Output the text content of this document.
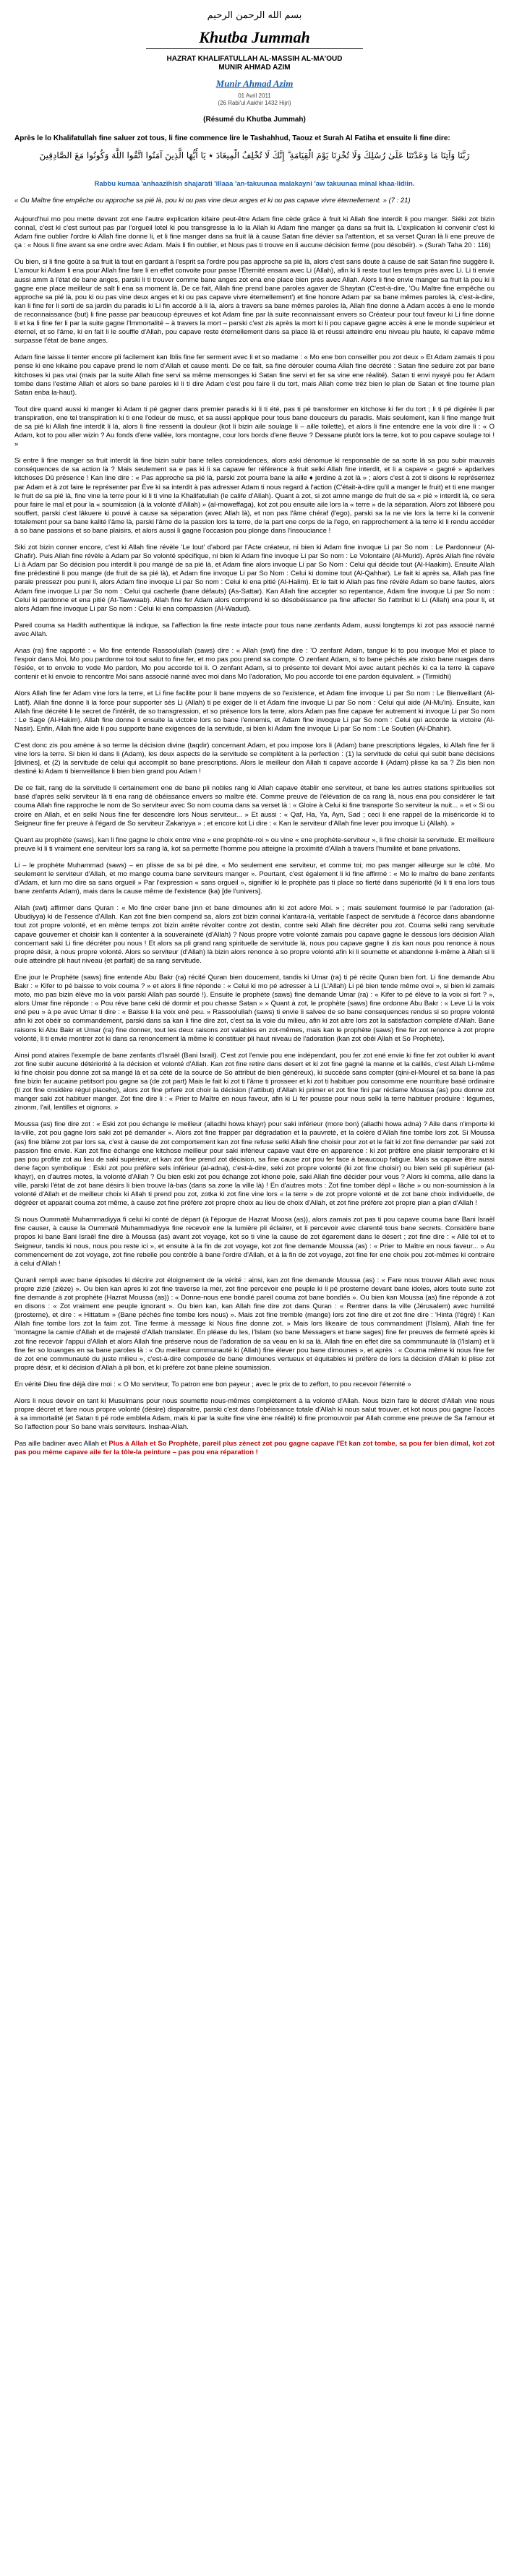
بسم الله الرحمن الرحيم
Khutba Jummah
HAZRAT KHALIFATULLAH AL-MASSIH AL-MA'OUD
MUNIR AHMAD AZIM
Munir Ahmad Azim
01 Avril 2011
(26 Rabi'ul Aakhir 1432 Hijri)
(Résumé du Khutba Jummah)
Après le lo Khalifatullah fine saluer zot tous, li fine commence lire le Tashahhud, Taouz et Surah Al Fatiha et ensuite li fine dire:
رَبَّنَا وَآتِنَا مَا وَعَدْتَنَا عَلَىٰ رُسُلِكَ وَلَا تُخْزِنَا يَوْمَ الْقِيَامَةِ ۗ إِنَّكَ لَا تُخْلِفُ الْمِيعَادَ ٭ يَا أَيُّهَا الَّذِينَ آمَنُوا اتَّقُوا اللَّهَ وَكُونُوا مَعَ الصَّادِقِينَ
Rabbu kumaa 'anhaazihish shajarati 'illaaa 'an-takuunaa malakayni 'aw takuunaa minal khaa-lidiin.
« Ou Maître fine empêche ou approche sa pié là, pou ki ou pas vine deux anges et ki ou pas capave vivre éternellement. » (7 : 21)

Aujourd'hui mo pou mette devant zot ene l'autre explication kifaire peut-être Adam fine cède grâce à fruit ki Allah fine interdit li pou manger. Siéki zot bizin connaî, c'est ki c'est surtout pas par l'orgueil lotel ki pou transgresse la lo la Allah ki Adam fine manger ça dans sa fruit là. L'explication ki convenir c'est ki Adam fine oublier l'ordre ki Allah fine donne li, et li fine manger dans sa fruit là à cause Satan fine dévier sa l'attention, et sa verset Quran là li ene preuve de ça : « Nous li fine avant sa ene ordre avec Adam. Mais li fin oublier, et Nous pas ti trouve en li aucune décision ferme (pou désobéir). » (Surah Taha 20 : 116)

Ou bien, si li fine goûte à sa fruit là tout en gardant à l'esprit sa l'ordre pou pas approche sa pié là, alors c'est sans doute à cause de sait Satan fine suggère li. L'amour ki Adam li ena pour Allah fine fare li en effet convoite pour passe l'Éternité ensam avec Li (Allah), afin ki li reste tout les temps près avec Li. Li ti envie aussi amm à l'état de bane anges, parski li ti trouver comme bane anges zot ena ene place bien près avec Allah. Alors li fine envie manger sa fruit là pou ki li gagne ene place meilleur de salt li ena sa moment là. De ce fait, Allah fine prend bane paroles agaver de Shaytan (C'est-à-dire, 'Ou Maître fine empêche ou approche sa pié là, pou ki ou pas vine deux anges et ki ou pas capave vivre éternellement') et fine honore Adam par sa bane mêmes paroles là, c'est-à-dire, kan li fine fer li sorti de sa jardin du paradis ki Li fin accordé à li là, alors à travers sa bane mêmes paroles là, Allah fine donne à Adam accès à ene le monde de reconnaissance (but) li fine passe par beaucoup épreuves et kot Adam fine par là suite reconnaissant envers so Créateur pour tout faveur ki Li fine donne li et ka li fine fer li par la suite gagne l'Immortalité – à travers la mort – parski c'est zis après la mort ki li pou capave gagne accès à ene le monde supérieur et éternel, et so l'âme, ki en fait li le souffle d'Allah, pou capave reste éternellement dans sa place là et réussi atteindre enu niveau plu haute, ki capave même surpasse l'état de bane anges.

Adam fine laisse li tenter encore pli facilement kan Iblis fine fer serment avec li et so madame : « Mo ene bon conseiller pou zot deux » Et Adam zamais ti pou pense ki ene kikaine pou capave prend le nom d'Allah et cause menti. De ce fait, sa fine dérouler couma Allah fine décrété : Satan fine seduire zot par bane kitchoses ki pas vrai (mais par la suite Allah fine servi sa même mensonges ki Satan fine servi et fer sa vine ene réalité). Satan ti envi nyayé pou fer Adam tombe dans l'estime Allah et alors so bane paroles ki li ti dire Adam c'est pou faire li du tort, mais Allah come tréz bien le plan de Satan et fine tourne plan Satan enba la-haut).

Tout dire quand aussi ki manger ki Adam ti pé gagner dans premier paradis ki li ti été, pas ti pé transformer en kitchose ki fer du tort ; li ti pé digérée li par transpiration, ene tel transpiration ki ti ene l'odeur de musc, et sa aussi applique pour tous bane douceurs du paradis. Mais seulement, kan li fine mange fruit de sa pié ki Allah fine interdit li là, alors li fine ressenti la douleur (kot li bizin aile soulage li – aille toilette), et alors li fine entendre ene la voix dire li : « O Adam, kot to pou aller wizin ? Au fonds d'ene vallée, lors montagne, cour lors bords d'ene fleuve ? Dessane plutôt lors la terre, kot to pou capave soulage toi ! »

Si entre li fine manger sa fruit interdit là fine bizin subir bane telles consiodences, alors aski dénomue ki responsable de sa sorte là sa pou subir mauvais conséquences de sa action là ? Mais seulement sa e pas ki li sa capave fer référence à fruit selki Allah fine interdit, et li a capave « gagné » apdarives kitchoses Dû présence ! Kan line dire : « Pas approche sa pié là, parski zot pourra bane la aille ♦ jerdine à zot là » ; alors c'est à zot ti disons le représentez par Adam et à zot faire le représenter par Ève ki sa interdit à pas adresser Adam ti nous regard à l'action (C'était-à-dire qu'il a manger le fruit) et ti ene manger le fruit de sa pié là, fine vine la terre pour ki li ti vine la Khalifatullah (le calife d'Allah). Quant à zot, si zot amne mange de fruit de sa « pié » interdit là, ce sera pour faire le mal et pour la « soumission (à la volonté d'Allah) » (al-moweffaga), kot zot pou ensuite aile lors la « terre » de la séparation. Alors zot lâbseré pou souffert, parski c'est lâkuere ki pouvé à cause sa séparation (avec Allah là), et non pas l'âme chéraf (l'ego), parski sa la ne vie lors la terre ki la convenir totalement pour sa bane kalité l'âme là, parski l'âme de la passion lors la terre, de la part ene corps de la l'ego, en rapprochement à la terre ki li rendu accéder à so bane passions et so bane plaisirs, et alors aussi li gagne l'occasion pou plonge dans l'insouciance !

Siki zot bizin conner encore, c'est ki Allah fine révèle 'Le lout' d'abord par l'Acte créateur, ni bien ki Adam fine invoque Li par So nom : Le Pardonneur (Al-Ghafir). Puis Allah fine révèle à Adam par So volonté spécifique, ni bien ki Adam fine invoque Li par So nom : Le Volontaire (Al-Murid). Après Allah fine révèle Li à Adam par So décision pou interdit li pou mangé de sa pié là, et Adam fine alors invoque Li par So Nom : Celui qui décide tout (Al-Haakim). Ensuite Allah fine prédestiné li pou mange (de fruit de sa pié là), et Adam fine invoque Li par So Nom : Celui ki domine tout (Al-Qahhar). Le fait ki après sa, Allah pas fine parale pressezr pou puni li, alors Adam fine invoque Li par So nom : Celui ki ena pitié (Al-Halim). Et le fait ki Allah pas fine révéle Adam so bane fautes, alors Adam fine invoque Li par So nom : Celui qui cacherle (bane défauts) (As-Sattar). Kan Allah fine accepter so repentance, Adam fine invoque Li par So nom : Celui ki pardonne et ena pitié (At-Tawwaab). Allah fine fer Adam alors comprend ki so désobéissance pa fine affecter So l'attribut ki Li (Allah) ena pour li, et alors Adam fine invoque Li par So nom : Celui ki ena compassion (Al-Wadud).

Pareil couma sa Hadith authentique là indique, sa l'affection la fine reste intacte pour tous nane zenfants Adam, aussi longtemps ki zot pas associé nanné avec Allah.

Anas (ra) fine rapporté : « Mo fine entende Rassoolullah (saws) dire : « Allah (swt) fine dire : 'O zenfant Adam, tangue ki to pou invoque Moi et place to l'espoir dans Moi, Mo pou pardonne toi tout salut to fine fer, et mo pas pou prend sa compte. O zenfant Adam, si to bane péchés ate zisko bane nuages dans l'ésiée, et to envoie to vode Mo pardon, Mo pou accorde toi li. O zenfant Adam, si to présente toi devant Moi avec autant péchés ki ca la terre là capave contenir et ki envoie to rencontre Moi sans associé nanné avec moi dans Mo l'adoration, Mo pou accorde toi ene pardon équivalent. » (Tirmidhi)

Alors Allah fine fer Adam vine lors la terre, et Li fine facilite pour li bane moyens de so l'existence, et Adam fine invoque Li par So nom : Le Bienveillant (Al-Latif). Allah fine donne li la force pour supporter sès Li (Allah) ti pe exiger de li et Adam fine invoque Li par So nom : Celui qui aide (Al-Mu'in). Ensuite, kan Allah fine décrété li le secret de l'intérêt, de so transgression, et so présence lors la terre, alors Adam pas fine capave fer autrement ki invoque Li par So nom : Le Sage (Al-Hakim). Allah fine donne li ensuite la victoire lors so bane l'ennemis, et Adam fine invoque Li par So nom : Celui qui accorde la victoire (Al-Nasir). Enfin, Allah fine aide li pou supporte bane exigences de la servitude, si bien ki Adam fine invoque Li par So nom : Le Soutien (Al-Dhahir).

C'est donc zis pou amène à so terme la décision divine (taqdir) concernant Adam, et pou impose lors li (Adam) bane prescriptions légales, ki Allah fine fer li vine lors la terre. Si bien ki dans li (Adam), les deux aspects de la servitude se complètent à la perfection : (1) la servitude de celui qui subit bane décisions [divines], et (2) la servitude de celui qui accomplit so bane prescriptions. Alors le meilleur don Allah ti capave accorde li (Adam) plisse ka sa ? Zis bien non destiné ki Adam ti bienveillance li bien bien grand pou Adam !

De ce fait, rang de la servitude li certainement ene de bane pli nobles rang ki Allah capave établir ene serviteur, et bane les autres stations spirituelles sot basé d'après selki serviteur là ti ena rang dé obéissance envers so maître été. Comme preuve de l'élévation de ca rang là, nous ena pou considérer le fait couma Allah fine rapproche le nom de So serviteur avec So nom couma dans sa verset là : « Gloire à Celui ki fine transporte So serviteur la nuit... » et « Si ou croire en Allah, et en selki Nous fine fer descendre lors Nous serviteur... » Et aussi : « Qaf, Ha, Ya, Ayn, Sad ; ceci li ene rappel de la miséricorde ki to Seigneur fine fer preuve à l'égard de So serviteur Zakariyya » ; et encore kot Li dire : « Kan le serviteur d'Allah fine lever pou invoque Li (Allah). »

Quant au prophète (saws), kan li fine gagne le choix entre vine « ene prophète-roi » ou vine « ene prophète-serviteur », li fine choisir la servitude. Et meilleure preuve ki li ti vraiment ene serviteur lors sa rang là, kot sa permette l'homme pou atteigne la proximité d'Allah à travers l'humilité et bane privations.

Li – le prophète Muhammad (saws) – en plisse de sa bi pé dire, « Mo seulement ene serviteur, et comme toi; mo pas manger ailleurge sur le côté. Mo seulement le serviteur d'Allah, et mo mange couma bane serviteurs manger ». Pourtant, c'est également li ki fine affirmé : « Mo le maître de bane zenfants d'Adam, et lurn mo dire sa sans orgueil » Par l'expression « sans orgueil », signifier ki le prophète pas ti place so fierté dans supériorité (ki li ti ena lors tous bane zenfants Adam), mais dans la cause même de l'existence (ka) [de l'univers].

Allah (swt) affirmer dans Quran : « Mo fine créer bane jinn et bane dimounes afin ki zot adore Moi. » ; mais seulement fourmisé le par l'adoration (al-Ubudiyya) ki de l'essence d'Allah. Kan zot fine bien compend sa, alors zot bizin connai k'antara-là, veritable l'aspect de servitude à l'écorce dans abandonne tout zot propre volonté, et en même temps zot bizin arrête révolter contre zot destin, contre seki Allah fine décréter pou zot. Couma selki rang servitude capave gouverner et choisir kan li contenter à la souveraineté (d'Allah) ? Nous propre votre volonté zamais pou capave gagne le dessous lors décision Allah concernant saki Li fine décréter pou nous ! Et alors sa pli grand rang spirituelle de servitude là, nous pou capave gagne li zis kan nous pou renonce à nous propre désir, à nous propre volonté. Alors so serviteur (d'Allah) là bizin alors renonce à so propre volonté afin ki li soumette et abandonne li-même à Allah si li oule atteindre pli haut niveau (et parfait) de sa rang servitude.

Ene jour le Prophète (saws) fine entende Abu Bakr (ra) récité Quran bien doucement, tandis ki Umar (ra) ti pé récite Quran bien fort. Li fine demande Abu Bakr : « Kifer to pé baisse to voix couma ? » et alors li fine réponde : « Celui ki mo pé adresser à Li (L'Allah) Li pé bien tende même ovoi », si bien ki zamais moto, mo pas bizin élève mo la voix parski Allah pas sourdé !). Ensuite le prophète (saws) fine demande Umar (ra) : « Kifer to pé élève to la voix si fort ? », alors Umar fine réponde : « Pou réve bane ceki dé dormir et pou chasse Satan » » Quant à zot, le prophète (saws) fine ordonne Abu Bakr : « Leve Li la voix ené peu » à pe avec Umar ti dire : « Baisse li la voix ené peu. » Rassoolullah (saws) ti envie li salvee de so bane consequences rendus si so propre volonté afin ki zot obéir so commandement, parski dans sa kan li fine dire zot, c'est sa la voie du milieu, afin ki zot aitre lors zot la satisfaction complète d'Allah. Bane raisons ki Abu Bakr et Umar (ra) fine donner, tout les deux raisons zot valables en zot-mêmes, mais kan le prophète (saws) fine fer zot renonce à zot propre volonté, li ti envie montrer zot ki dans sa renoncement là même ki constituer pli haut niveau de l'adoration (kan zot obéi Allah et So Prophète).

Ainsi pond ataires l'exemple de bane zenfants d'Israël (Bani Israil). C'est zot l'envie pou ene indépendant, pou fer zot ené envie ki fine fer zot oublier ki avant zot fine subir aucune détériorité à la décision et volonté d'Allah. Kan zot fine retire dans desert et ki zot fine gagné la manne et la caillés, c'est Allah Li-même ki fine choisir pou donne zot sa mangé là et sa cété de la source de So attribut de bien généreux), ki succède sans compter (qini-el-Mourel et sa bane là pas fine bizin fer aucaine petitsort pou gagne sa (de zot part) Mais le fait ki zot ti l'âme ti prosseer et ki zot ti habituer pou consomme ene nourriture basé ordinaire (ti zot fine cnsidère régul placeho), alors zot fine prfere zot choir la décision (l'attibut) d'Allah ki primer et zot fine fini par réclame Moussa (as) pou donne zot manger saki zot habituer manger. Zot fine dire li : « Prier to Maître en nous faveur, afin ki Li fer pousse pour nous selki la terre habituer produire : légumes, zinonm, l'ail, lentilles et oignons. »

Moussa (as) fine dire zot : « Eski zot pou échange le meilleur (alladhi howa khayr) pour saki inférieur (more bon) (alladhi howa adna) ? Aile dans n'importe ki la-ville, zot pou gagne lors saki zot pé demander ». Alors zot fine frapper par dégradation et la pauvreté, et la colère d'Allah fine tombe lors zot. Si Moussa (as) fine blâme zot par lors sa, c'est à cause de zot comportement kan zot fine refuse selki Allah fine choisir pour zot et le fait ki zot fine demander par saki zot passion fine envie. Kan zot fine échange ene kitchose meilleur pour saki inférieur capave vaut être en apparence : ki zot préfère ene plaisir temporaire et ki pas pou profite zot au lieu de saki supérieur, et kan zot fine prend zot décision, sa fine cause zot pou fer face à beaucoup fatigue. Mais sa capave être aussi dene façon symbolique : Eski zot pou préfère sels inférieur (al-adna), c'est-à-dire, seki zot propre volonté (ki zot fine choisir) ou bien seki pli supérieur (al-khayr), en d'autres motes, la volonté d'Allah ? Ou bien eski zot pou échange zot khone pole, saki Allah fine décider pour vous ? Alors ki comma, aille dans la ville, parski l'état de zot bane désirs li bien trouve là-bas (dans sa zone la ville là) ! En d'autres mots : Zot fine tomber dépl « lâche » ou non-soumission à la volonté d'Allah et de meilleur choix ki Allah ti prend pou zot, zotka ki zot fine vine lors « la terre » de zot propre volonté et de zot bane choix individuelle, de dégréer et apparait couma zot même, à cause zot fine préfère zot propre choix au lieu de choix d'Allah, et zot fine préfère zot propre plan a plan d'Allah !

Si nous Oummatë Muhammadiyya fi celui ki conté de départ (à l'époque de Hazrat Moosa (as)), alors zamais zot pas ti pou capave couma bane Bani Israël fine causer, à cause la Oummatë Muhammadiyya fine recevoir ene la lumière pli éclairer, et li percevoir avec clarenté tous bane secrets. Considère bane propos ki bane Bani Israël fine dire à Moussa (as) avant zot voyage, kot so ti vine la cause de zot égarement dans le désert ; zot fine dire : « Allé toi et to Seigneur, tandis ki nous, nous pou reste ici », et ensuite à la fin de zot voyage, kot zot fine demande Moussa (as) : « Prier to Maître en nous faveur... » Au commencement de zot voyage, zot fine rebelle pou contrôle à bane l'ordre d'Allah, et à la fin de zot voyage, zot fine fer ene choix pou zot-mêmes ki contraire à celui d'Allah !

Quranli rempli avec bane épisodes ki décrire zot éloignement de la vérité : ainsi, kan zot fine demande Moussa (as) : « Fare nous trouver Allah avec nous propre zizié (zièze) ». Ou bien kan apres ki zot fine traverse la mer, zot fine percevoir ene peuple ki li pé prosterne devant bane idoles, alors toute suite zot fine demande à zot prophète (Hazrat Moussa (as)) : « Donne-nous ene bondié pareil couma zot bane bondiés ». Ou bien kan Moussa (as) fine réponde à zot en disons : « Zot vraiment ene peuple ignorant ». Ou bien kan, kan Allah fine dire zot dans Quran : « Rentrer dans la ville (Jérusalem) avec humilité (prosterne), et dire : « Hittatum » (Bane péchés fine tombe lors nous) ». Mais zot fine tremble (mange) lors zot fine dire et zot fine dire : 'Hinta (l'égré) ! Kan Allah fine tombe lors zot la faim zot. Tine ferme à message ki Nous fine donne zot. » Mais lors likeaire de tous commandment (l'Islam), Allah fine fer 'montagne la camie d'Allah et de majesté d'Allah translater. En pléase du les, l'Islam (so bane Messagers et bane sages) fine fer preuves de fermeté après ki zot fine recevoir l'appui d'Allah et alors Allah fine préserve nous de l'adoration de sa veau en ki sa là. Allah fine en effet dire sa commmunauté là (l'Islam) et li fine fer so louanges en sa bane paroles là : « Ou meilleur communauté ki (Allah) fine élever pou bane dimounes », et après : « Couma même ki nous fine fer de zot ene communauté du juste milieu », c'est-à-dire composée de bane dimounes vertueux et équitables ki préfère de lors la décision d'Allah ki plise zot propre désir, et ki décision d'Allah à pli bon, et ki préfère zot bane pleine soumission.

En vérité Dieu fine déjà dire moi : « O Mo serviteur, To patron ene bon payeur ; avec le prix de to zeffort, to pou recevoir l'éternité »

Alors li nous devoir en tant ki Musulmans pour nous soumette nous-mêmes complètement à la volonté d'Allah. Nous bizin fare le décret d'Allah vine nous propre décret et fare nous propre volonté (désire) disparaitre, parski c'est dans l'obéissance totale d'Allah ki nous salut trouver, et kot nous pou gagne l'accès à sa immortalité (et Satan ti pé rode emblela Adam, mais ki par la suite fine vine ène réalité) ki fine promouvoir par Allah comme ene preuve de Sa l'amour et So l'affection pour So bane vrais serviteurs. Inshaa-Allah.

Pas aille badiner avec Allah et Plus à Allah et So Prophète, pareil plus zènect zot pou gagne capave l'Et kan zot tombe, sa pou fer bien dimal, kot zot pas pou mème capave aile fer la tôle-la peinture – pas pou ena réparation !
